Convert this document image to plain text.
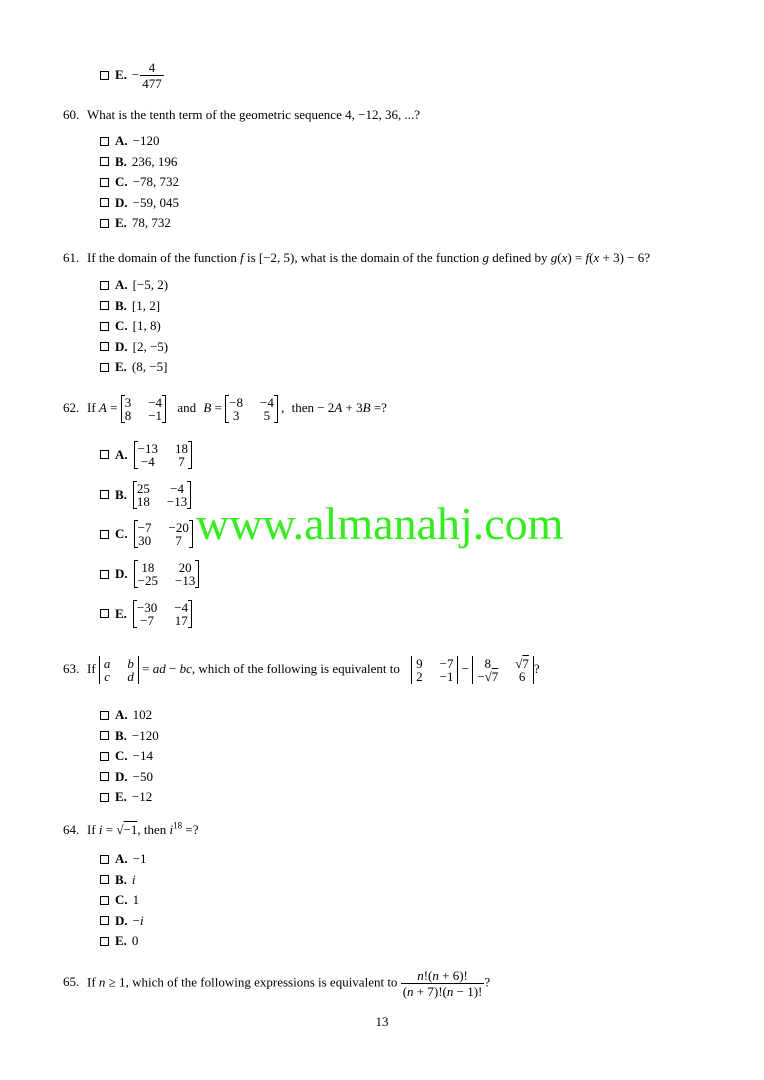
E. − $\frac{4}{477}$
60. What is the tenth term of the geometric sequence 4, −12, 36, ...?
A. −120
B. 236, 196
C. −78, 732
D. −59, 045
E. 78, 732
61. If the domain of the function f is [−2, 5), what is the domain of the function g defined by g(x) = f(x + 3) − 6?
A. [−5, 2)
B. [1, 2]
C. [1, 8)
D. [2, −5)
E. (8, −5]
62. If A = 3 −4
8 −1
and B = −8 −4
3 5
, then − 2A + 3B =?
A. −13 18
−4 7
B. 25 −4
18 −13
C. −7 −20
30	7
D. 18 20
−25 −13
E. −30 −4
−7 17
www.almanahj.com
63. If a b
c d
= ad − bc, which of the following is equivalent to 9 −7
2 −1
−	8	√7
−√7 6
?
A. 102
B. −120
C. −14
D. −50
E. −12
64. If i = √−1, then $i^{18}$ =?
A. −1
B. i
C. 1
D. −i
E. 0
65. If n ≥ 1, which of the following expressions is equivalent to $\frac{n!(n + 6)!}{(n + 7)!(n - 1)!}$ ?
13
